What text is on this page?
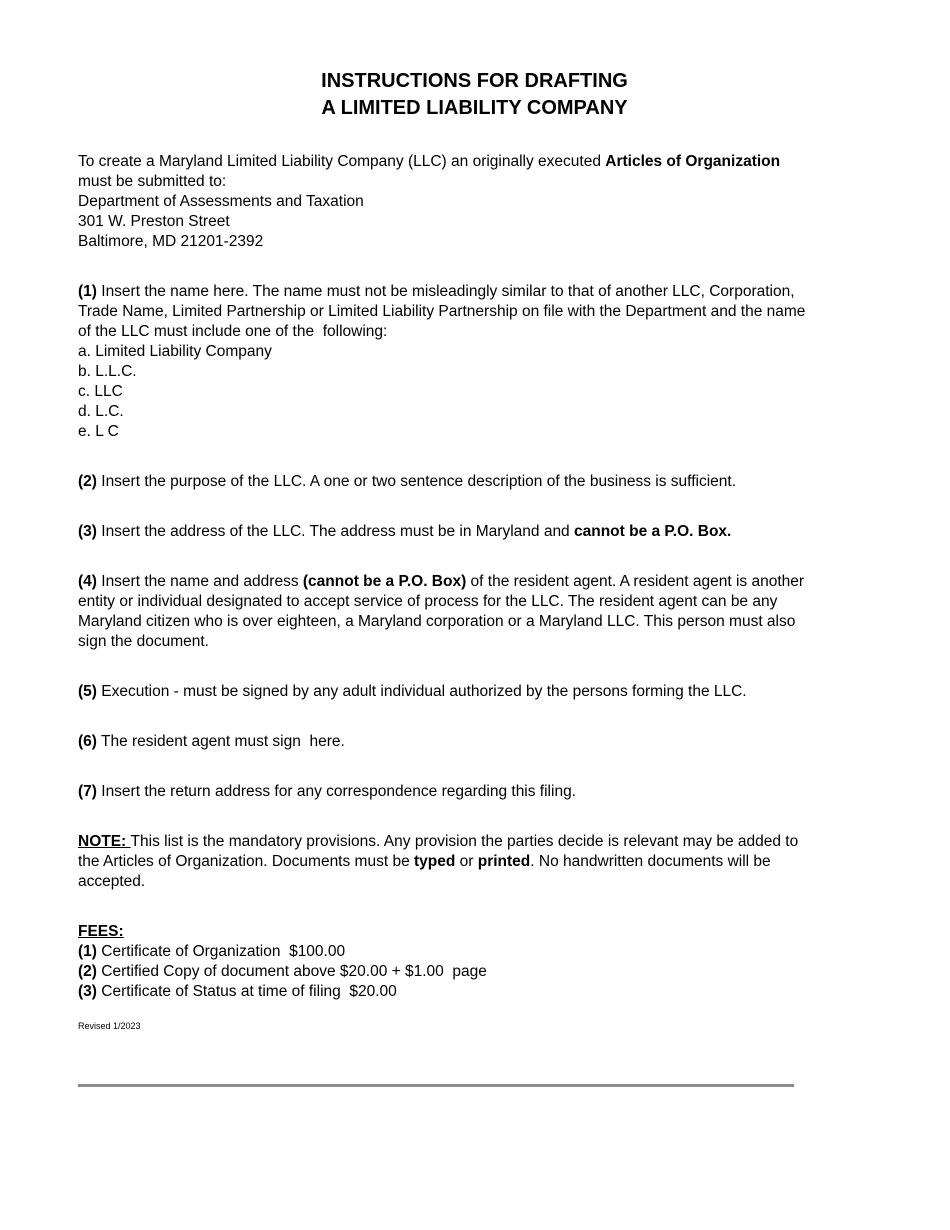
INSTRUCTIONS FOR DRAFTING
A LIMITED LIABILITY COMPANY
To create a Maryland Limited Liability Company (LLC) an originally executed Articles of Organization
must be submitted to:
Department of Assessments and Taxation
301 W. Preston Street
Baltimore, MD 21201-2392
(1) Insert the name here. The name must not be misleadingly similar to that of another LLC, Corporation,
Trade Name, Limited Partnership or Limited Liability Partnership on file with the Department and the name
of the LLC must include one of the  following:
a. Limited Liability Company
b. L.L.C.
c. LLC
d. L.C.
e. L C
(2) Insert the purpose of the LLC. A one or two sentence description of the business is sufficient.
(3) Insert the address of the LLC. The address must be in Maryland and cannot be a P.O. Box.
(4) Insert the name and address (cannot be a P.O. Box) of the resident agent. A resident agent is another
entity or individual designated to accept service of process for the LLC. The resident agent can be any
Maryland citizen who is over eighteen, a Maryland corporation or a Maryland LLC. This person must also
sign the document.
(5) Execution - must be signed by any adult individual authorized by the persons forming the LLC.
(6) The resident agent must sign  here.
(7) Insert the return address for any correspondence regarding this filing.
NOTE: This list is the mandatory provisions. Any provision the parties decide is relevant may be added to
the Articles of Organization. Documents must be typed or printed. No handwritten documents will be
accepted.
FEES:
(1) Certificate of Organization  $100.00
(2) Certified Copy of document above $20.00 + $1.00  page
(3) Certificate of Status at time of filing  $20.00

Revised 1/2023
